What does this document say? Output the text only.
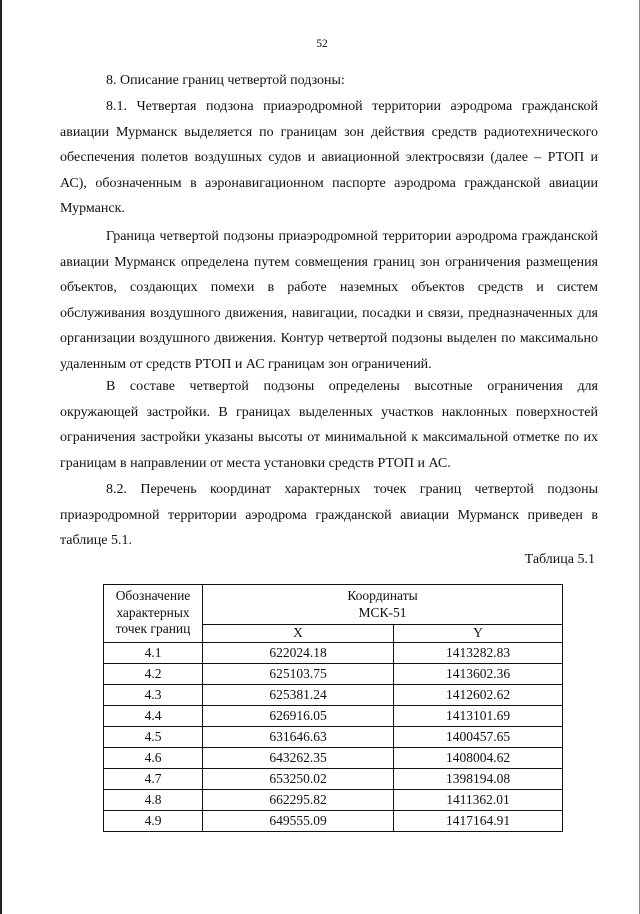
52
8. Описание границ четвертой подзоны:

8.1. Четвертая подзона приаэродромной территории аэродрома гражданской авиации Мурманск выделяется по границам зон действия средств радиотехнического обеспечения полетов воздушных судов и авиационной электросвязи (далее – РТОП и АС), обозначенным в аэронавигационном паспорте аэродрома гражданской авиации Мурманск.

Граница четвертой подзоны приаэродромной территории аэродрома гражданской авиации Мурманск определена путем совмещения границ зон ограничения размещения объектов, создающих помехи в работе наземных объектов средств и систем обслуживания воздушного движения, навигации, посадки и связи, предназначенных для организации воздушного движения. Контур четвертой подзоны выделен по максимально удаленным от средств РТОП и АС границам зон ограничений.

В составе четвертой подзоны определены высотные ограничения для окружающей застройки. В границах выделенных участков наклонных поверхностей ограничения застройки указаны высоты от минимальной к максимальной отметке по их границам в направлении от места установки средств РТОП и АС.

8.2. Перечень координат характерных точек границ четвертой подзоны приаэродромной территории аэродрома гражданской авиации Мурманск приведен в таблице 5.1.

Таблица 5.1
Обозначение характерных точек границ	Координаты МСК-51	
	X	Y
4.1	622024.18	1413282.83
4.2	625103.75	1413602.36
4.3	625381.24	1412602.62
4.4	626916.05	1413101.69
4.5	631646.63	1400457.65
4.6	643262.35	1408004.62
4.7	653250.02	1398194.08
4.8	662295.82	1411362.01
4.9	649555.09	1417164.91
